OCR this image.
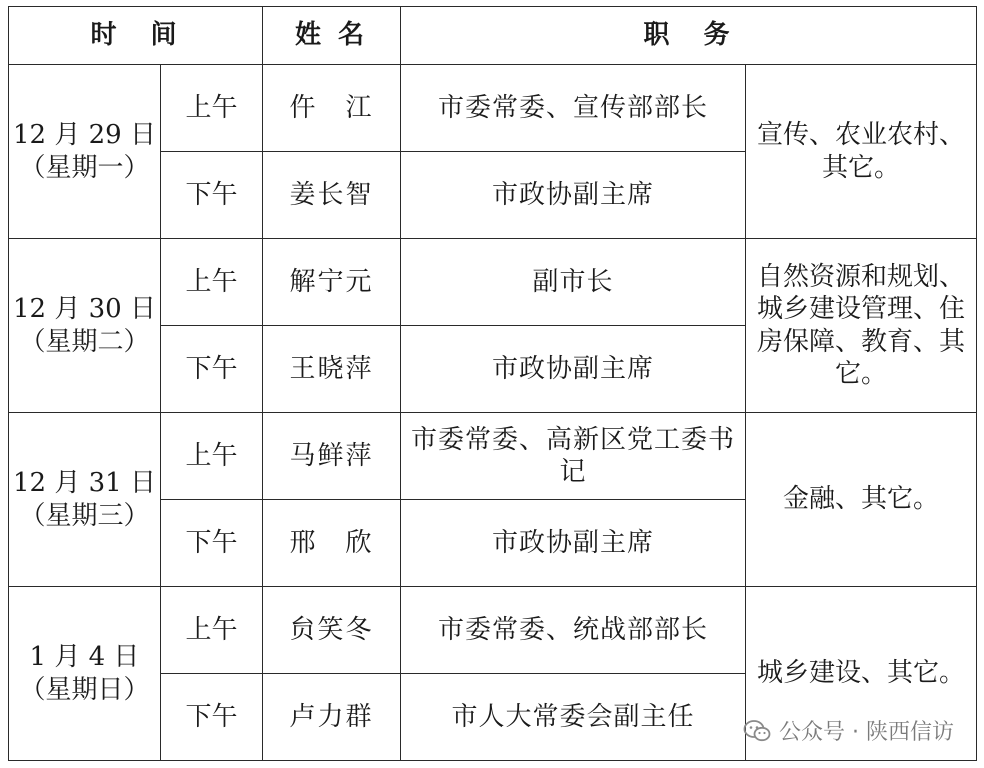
时　间		姓 名	职　务	
12 月 29 日
（星期一）	上午	仵　江	市委常委、宣传部部长	宣传、农业农村、其它。
	下午	姜长智	市政协副主席	
12 月 30 日
（星期二）	上午	解宁元	副市长	自然资源和规划、城乡建设管理、住房保障、教育、其它。
	下午	王晓萍	市政协副主席	
12 月 31 日
（星期三）	上午	马鲜萍	市委常委、高新区党工委书记	金融、其它。
	下午	邢　欣	市政协副主席	
1 月 4 日
（星期日）	上午	贠笑冬	市委常委、统战部部长	城乡建设、其它。
	下午	卢力群	市人大常委会副主任	
公众号 · 陕西信访
